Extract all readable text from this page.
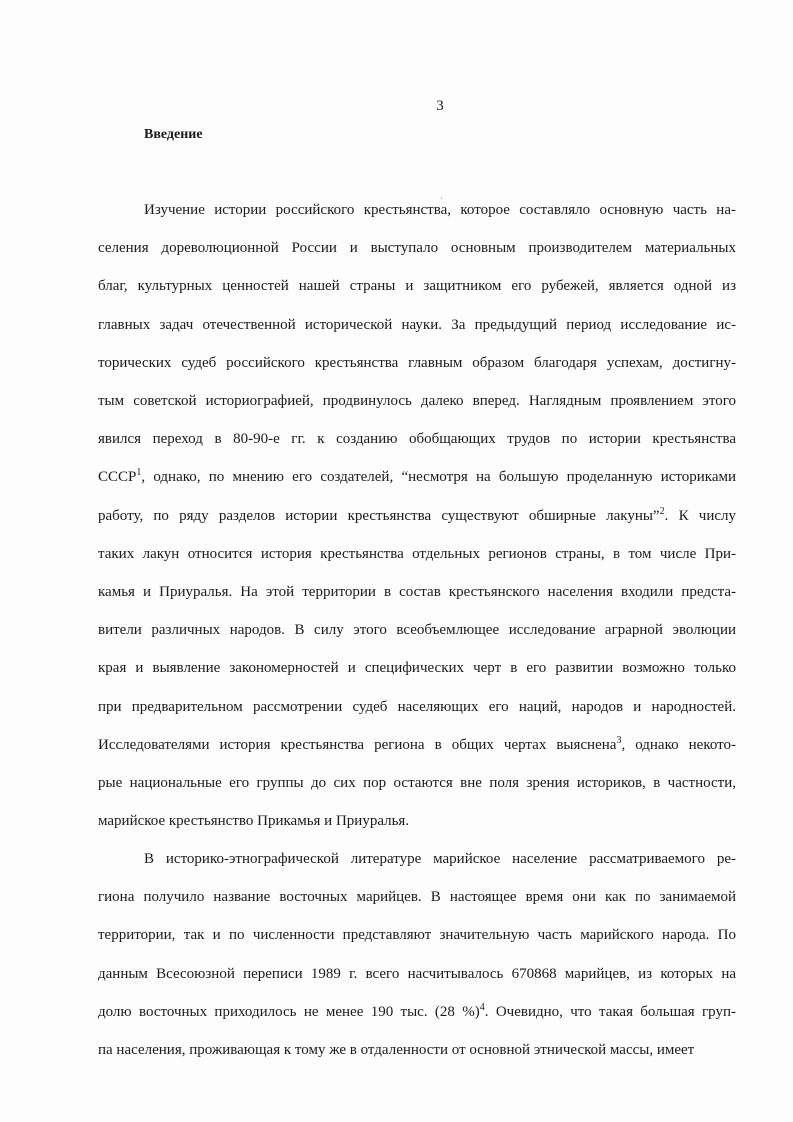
3
Введение
·
Изучение истории российского крестьянства, которое составляло основную часть на-
селения дореволюционной России и выступало основным производителем материальных
благ, культурных ценностей нашей страны и защитником его рубежей, является одной из
главных задач отечественной исторической науки. За предыдущий период исследование ис-
торических судеб российского крестьянства главным образом благодаря успехам, достигну-
тым советской историографией, продвинулось далеко вперед. Наглядным проявлением этого
явился переход в 80-90-е гг. к созданию обобщающих трудов по истории крестьянства
СССР$^1$, однако, по мнению его создателей, “несмотря на большую проделанную историками
работу, по ряду разделов истории крестьянства существуют обширные лакуны”$^2$. К числу
таких лакун относится история крестьянства отдельных регионов страны, в том числе При-
камья и Приуралья. На этой территории в состав крестьянского населения входили предста-
вители различных народов. В силу этого всеобъемлющее исследование аграрной эволюции
края и выявление закономерностей и специфических черт в его развитии возможно только
при предварительном рассмотрении судеб населяющих его наций, народов и народностей.
Исследователями история крестьянства региона в общих чертах выяснена$^3$, однако некото-
рые национальные его группы до сих пор остаются вне поля зрения историков, в частности,
марийское крестьянство Прикамья и Приуралья.
В историко-этнографической литературе марийское население рассматриваемого ре-
гиона получило название восточных марийцев. В настоящее время они как по занимаемой
территории, так и по численности представляют значительную часть марийского народа. По
данным Всесоюзной переписи 1989 г. всего насчитывалось 670868 марийцев, из которых на
долю восточных приходилось не менее 190 тыс. (28 %)$^4$. Очевидно, что такая большая груп-
па населения, проживающая к тому же в отдаленности от основной этнической массы, имеет
